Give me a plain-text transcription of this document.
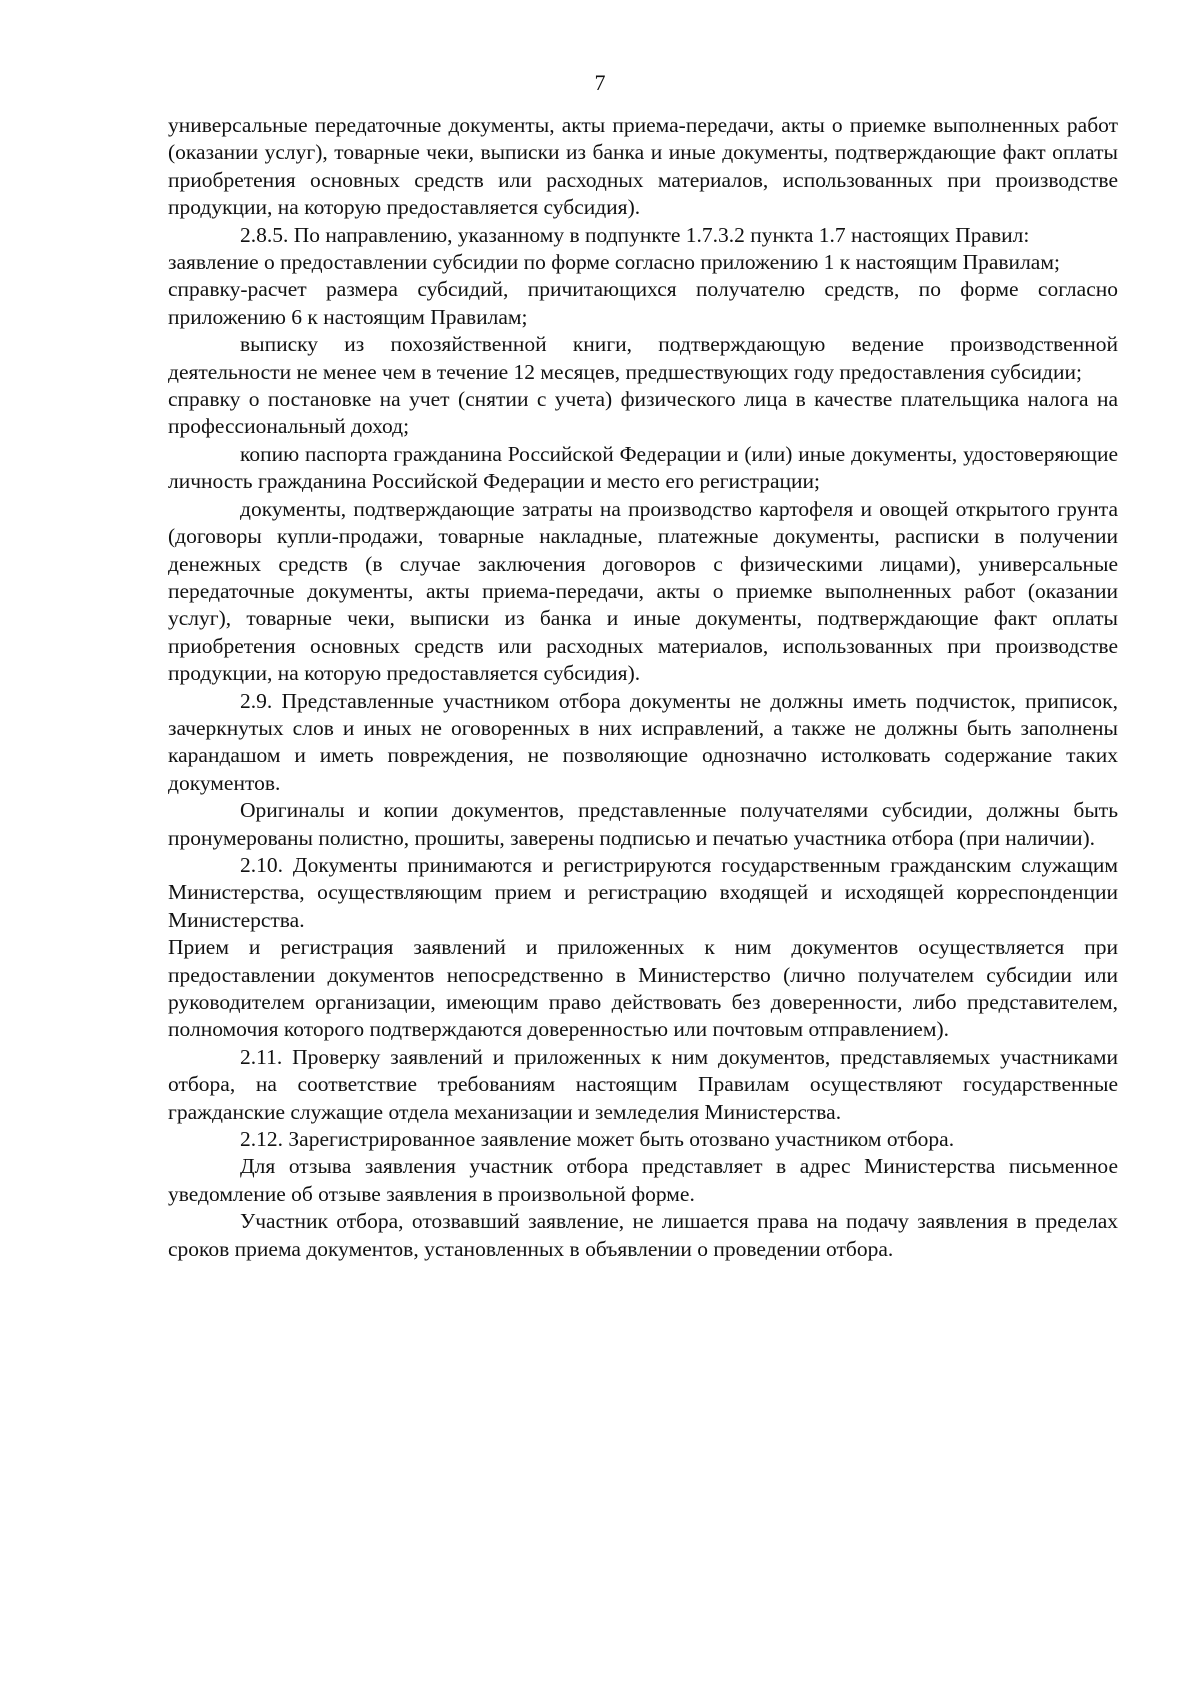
7

универсальные передаточные документы, акты приема-передачи, акты о приемке выполненных работ (оказании услуг), товарные чеки, выписки из банка и иные документы, подтверждающие факт оплаты приобретения основных средств или расходных материалов, использованных при производстве продукции, на которую предоставляется субсидия).

2.8.5. По направлению, указанному в подпункте 1.7.3.2 пункта 1.7 настоящих Правил:

заявление о предоставлении субсидии по форме согласно приложению 1 к настоящим Правилам;

справку-расчет размера субсидий, причитающихся получателю средств, по форме согласно приложению 6 к настоящим Правилам;

выписку из похозяйственной книги, подтверждающую ведение производственной деятельности не менее чем в течение 12 месяцев, предшествующих году предоставления субсидии;

справку о постановке на учет (снятии с учета) физического лица в качестве плательщика налога на профессиональный доход;

копию паспорта гражданина Российской Федерации и (или) иные документы, удостоверяющие личность гражданина Российской Федерации и место его регистрации;

документы, подтверждающие затраты на производство картофеля и овощей открытого грунта (договоры купли-продажи, товарные накладные, платежные документы, расписки в получении денежных средств (в случае заключения договоров с физическими лицами), универсальные передаточные документы, акты приема-передачи, акты о приемке выполненных работ (оказании услуг), товарные чеки, выписки из банка и иные документы, подтверждающие факт оплаты приобретения основных средств или расходных материалов, использованных при производстве продукции, на которую предоставляется субсидия).

2.9. Представленные участником отбора документы не должны иметь подчисток, приписок, зачеркнутых слов и иных не оговоренных в них исправлений, а также не должны быть заполнены карандашом и иметь повреждения, не позволяющие однозначно истолковать содержание таких документов.

Оригиналы и копии документов, представленные получателями субсидии, должны быть пронумерованы полистно, прошиты, заверены подписью и печатью участника отбора (при наличии).

2.10. Документы принимаются и регистрируются государственным гражданским служащим Министерства, осуществляющим прием и регистрацию входящей и исходящей корреспонденции Министерства.

Прием и регистрация заявлений и приложенных к ним документов осуществляется при предоставлении документов непосредственно в Министерство (лично получателем субсидии или руководителем организации, имеющим право действовать без доверенности, либо представителем, полномочия которого подтверждаются доверенностью или почтовым отправлением).

2.11. Проверку заявлений и приложенных к ним документов, представляемых участниками отбора, на соответствие требованиям настоящим Правилам осуществляют государственные гражданские служащие отдела механизации и земледелия Министерства.

2.12. Зарегистрированное заявление может быть отозвано участником отбора.

Для отзыва заявления участник отбора представляет в адрес Министерства письменное уведомление об отзыве заявления в произвольной форме.

Участник отбора, отозвавший заявление, не лишается права на подачу заявления в пределах сроков приема документов, установленных в объявлении о проведении отбора.
